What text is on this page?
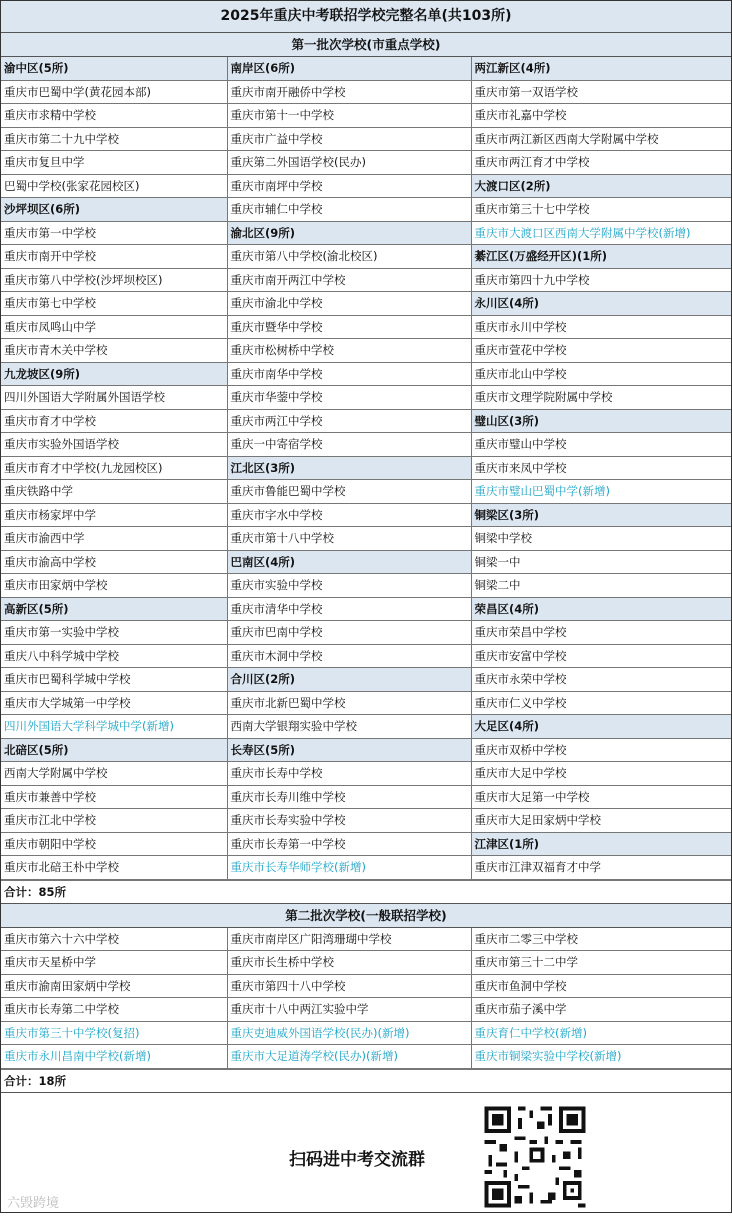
2025年重庆中考联招学校完整名单(共103所)
第一批次学校(市重点学校)
渝中区(5所)	南岸区(6所)	两江新区(4所)
重庆市巴蜀中学(黄花园本部)	重庆市南开融侨中学校	重庆市第一双语学校
重庆市求精中学校	重庆市第十一中学校	重庆市礼嘉中学校
重庆市第二十九中学校	重庆市广益中学校	重庆市两江新区西南大学附属中学校
重庆市复旦中学	重庆第二外国语学校(民办)	重庆市两江育才中学校
巴蜀中学校(张家花园校区)	重庆市南坪中学校	大渡口区(2所)
沙坪坝区(6所)	重庆市辅仁中学校	重庆市第三十七中学校
重庆市第一中学校	渝北区(9所)	重庆市大渡口区西南大学附属中学校(新增)
重庆市南开中学校	重庆市第八中学校(渝北校区)	綦江区(万盛经开区)(1所)
重庆市第八中学校(沙坪坝校区)	重庆市南开两江中学校	重庆市第四十九中学校
重庆市第七中学校	重庆市渝北中学校	永川区(4所)
重庆市凤鸣山中学	重庆市暨华中学校	重庆市永川中学校
重庆市青木关中学校	重庆市松树桥中学校	重庆市萱花中学校
九龙坡区(9所)	重庆市南华中学校	重庆市北山中学校
四川外国语大学附属外国语学校	重庆市华蓥中学校	重庆市文理学院附属中学校
重庆市育才中学校	重庆市两江中学校	璧山区(3所)
重庆市实验外国语学校	重庆一中寄宿学校	重庆市璧山中学校
重庆市育才中学校(九龙园校区)	江北区(3所)	重庆市来凤中学校
重庆铁路中学	重庆市鲁能巴蜀中学校	重庆市璧山巴蜀中学(新增)
重庆市杨家坪中学	重庆市字水中学校	铜梁区(3所)
重庆市渝西中学	重庆市第十八中学校	铜梁中学校
重庆市渝高中学校	巴南区(4所)	铜梁一中
重庆市田家炳中学校	重庆市实验中学校	铜梁二中
高新区(5所)	重庆市清华中学校	荣昌区(4所)
重庆市第一实验中学校	重庆市巴南中学校	重庆市荣昌中学校
重庆八中科学城中学校	重庆市木洞中学校	重庆市安富中学校
重庆市巴蜀科学城中学校	合川区(2所)	重庆市永荣中学校
重庆市大学城第一中学校	重庆市北新巴蜀中学校	重庆市仁义中学校
四川外国语大学科学城中学(新增)	西南大学银翔实验中学校	大足区(4所)
北碚区(5所)	长寿区(5所)	重庆市双桥中学校
西南大学附属中学校	重庆市长寿中学校	重庆市大足中学校
重庆市兼善中学校	重庆市长寿川维中学校	重庆市大足第一中学校
重庆市江北中学校	重庆市长寿实验中学校	重庆市大足田家炳中学校
重庆市朝阳中学校	重庆市长寿第一中学校	江津区(1所)
重庆市北碚王朴中学校	重庆市长寿华师学校(新增)	重庆市江津双福育才中学
合计：85所
第二批次学校(一般联招学校)
重庆市第六十六中学校	重庆市南岸区广阳湾珊瑚中学校	重庆市二零三中学校
重庆市天星桥中学	重庆市长生桥中学校	重庆市第三十二中学
重庆市渝南田家炳中学校	重庆市第四十八中学校	重庆市鱼洞中学校
重庆市长寿第二中学校	重庆市十八中两江实验中学	重庆市茄子溪中学
重庆市第三十中学校(复招)	重庆吏迪威外国语学校(民办)(新增)	重庆育仁中学校(新增)
重庆市永川昌南中学校(新增)	重庆市大足道涛学校(民办)(新增)	重庆市铜梁实验中学校(新增)
合计：18所
扫码进中考交流群
六毁跨境
